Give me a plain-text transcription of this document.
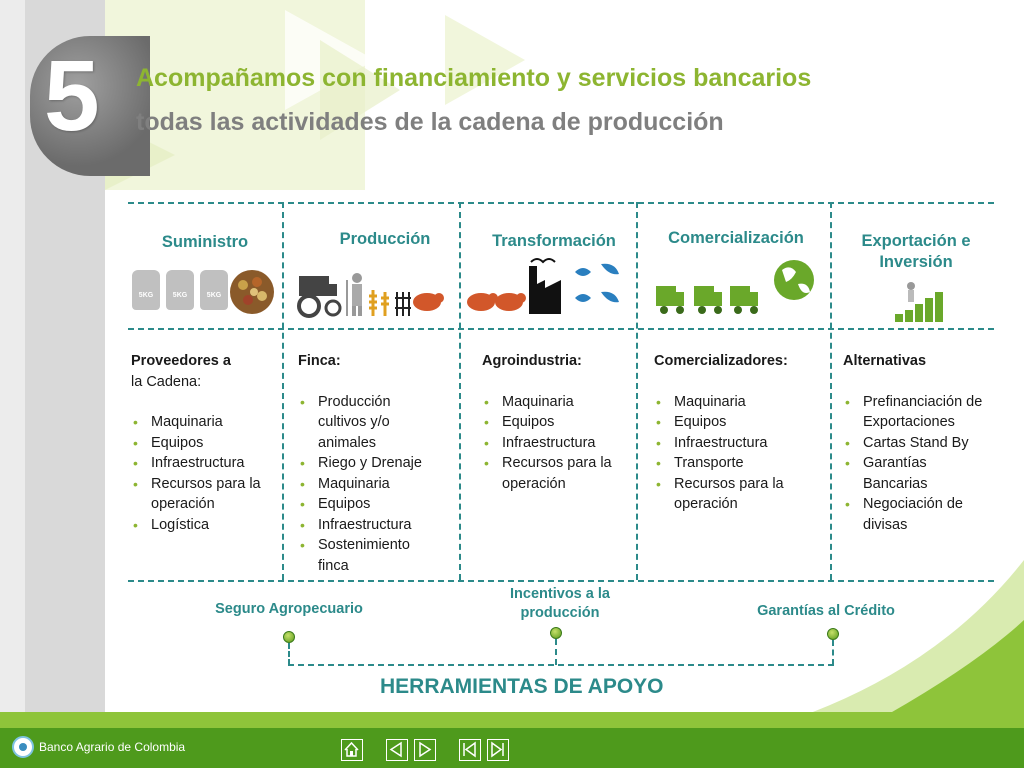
5 Acompañamos con financiamiento y servicios bancarios
todas las actividades de la cadena de producción
Suministro	Producción	Transformación	Comercialización	Exportación e Inversión
5KG	5KG	5KG
Proveedores a
la Cadena:
• Maquinaria
• Equipos
• Infraestructura
• Recursos para la operación
• Logística
Finca:
• Producción cultivos y/o animales
• Riego y Drenaje
• Maquinaria
• Equipos
• Infraestructura
• Sostenimiento finca
Agroindustria:
• Maquinaria
• Equipos
• Infraestructura
• Recursos para la operación
Comercializadores:
• Maquinaria
• Equipos
• Infraestructura
• Transporte
• Recursos para la operación
Alternativas
• Prefinanciación de Exportaciones
• Cartas Stand By
• Garantías Bancarias
• Negociación de divisas
Seguro Agropecuario
Incentivos a la producción	Garantías al Crédito
HERRAMIENTAS DE APOYO
Banco Agrario de Colombia
